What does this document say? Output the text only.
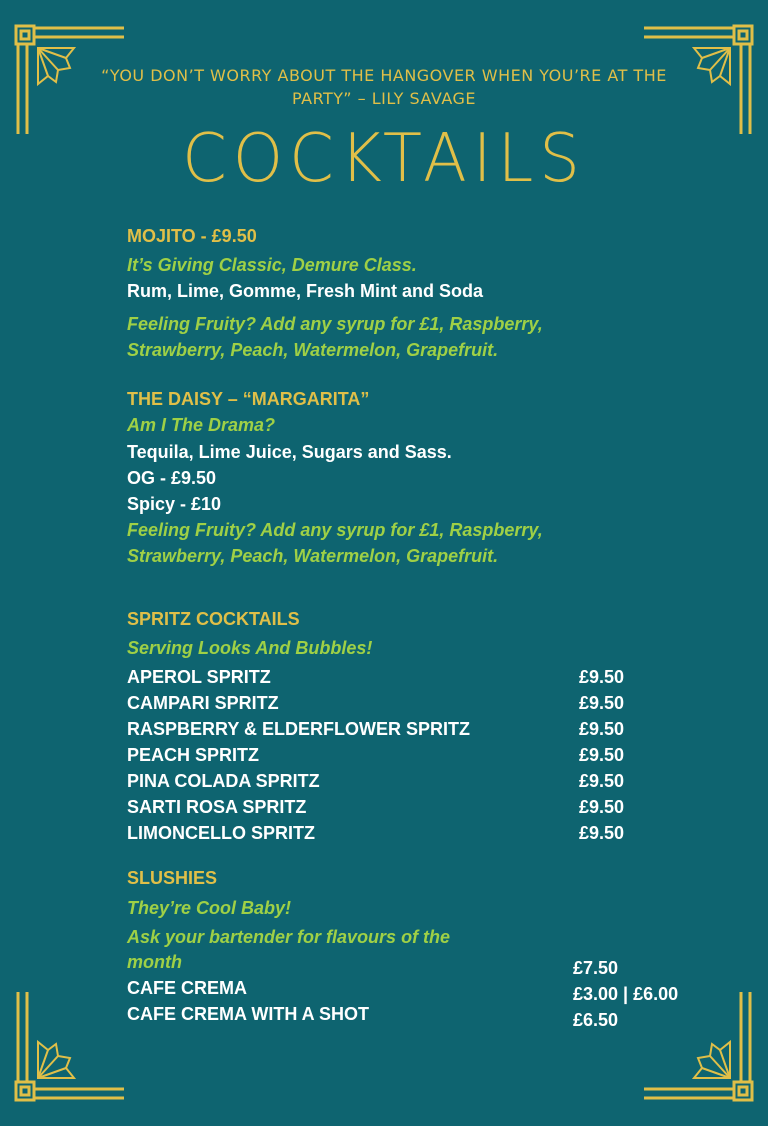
“YOU DON’T WORRY ABOUT THE HANGOVER WHEN YOU’RE AT THE PARTY” – LILY SAVAGE
COCKTAILS
MOJITO - £9.50
It’s Giving Classic, Demure Class.
Rum, Lime, Gomme, Fresh Mint and Soda
Feeling Fruity? Add any syrup for £1, Raspberry,
Strawberry, Peach, Watermelon, Grapefruit.
THE DAISY – “MARGARITA”
Am I The Drama?
Tequila, Lime Juice, Sugars and Sass.
OG - £9.50
Spicy - £10
Feeling Fruity? Add any syrup for £1, Raspberry,
Strawberry, Peach, Watermelon, Grapefruit.
SPRITZ COCKTAILS
Serving Looks And Bubbles!
APEROL SPRITZ	£9.50
CAMPARI SPRITZ	£9.50
RASPBERRY & ELDERFLOWER SPRITZ	£9.50
PEACH SPRITZ	£9.50
PINA COLADA SPRITZ	£9.50
SARTI ROSA SPRITZ	£9.50
LIMONCELLO SPRITZ	£9.50
SLUSHIES
They’re Cool Baby!
Ask your bartender for flavours of the
month	£7.50
CAFE CREMA	£3.00 | £6.00
CAFE CREMA WITH A SHOT	£6.50
